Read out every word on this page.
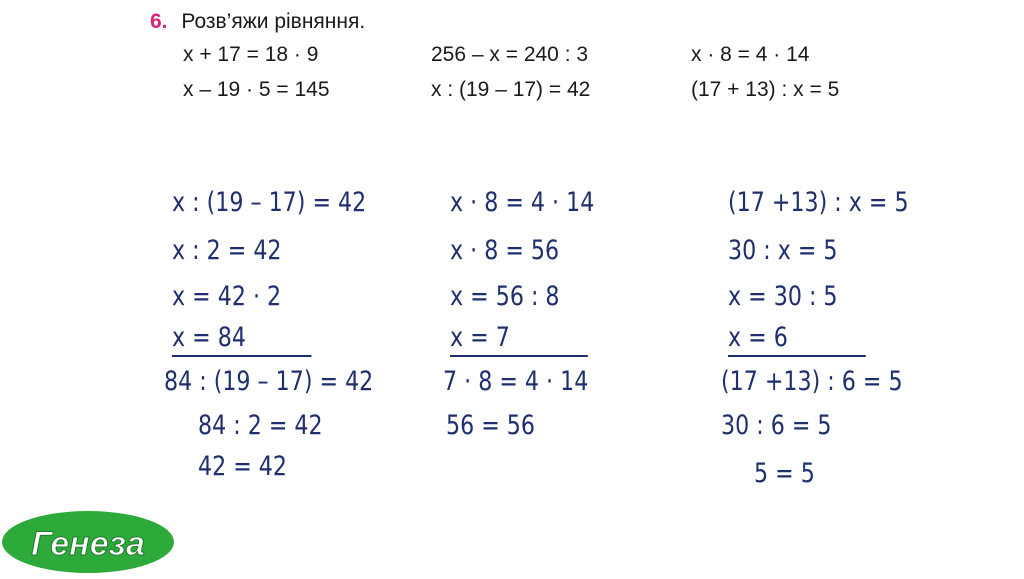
6. Розв’яжи рівняння.
x + 17 = 18 · 9	256 – x = 240 : 3	x · 8 = 4 · 14
x – 19 · 5 = 145	x : (19 – 17) = 42	(17 + 13) : x = 5
x : (19 – 17) = 42
x : 2 = 42
x = 42 · 2
x = 84
84 : (19 – 17) = 42
84 : 2 = 42
42 = 42
x · 8 = 4 · 14
x · 8 = 56
x = 56 : 8
x = 7
7 · 8 = 4 · 14
56 = 56
(17 +13) : x = 5
30 : x = 5
x = 30 : 5
x = 6
(17 +13) : 6 = 5
30 : 6 = 5
5 = 5
Генеза
